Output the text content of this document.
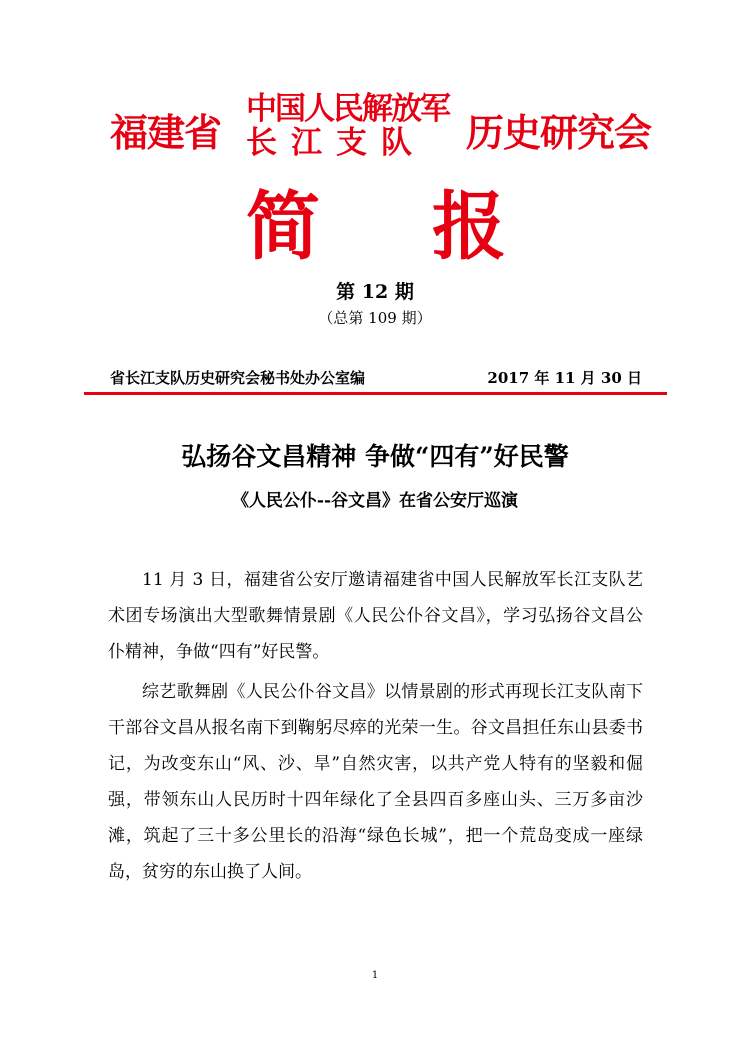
福建省
中国人民解放军
长江支队	历史研究会
简 报
第 12 期
（总第 109 期）
省长江支队历史研究会秘书处办公室编	2017 年 11 月 30 日
弘扬谷文昌精神 争做“四有”好民警
《人民公仆--谷文昌》在省公安厅巡演

11 月 3 日，福建省公安厅邀请福建省中国人民解放军长江支队艺术团专场演出大型歌舞情景剧《人民公仆谷文昌》，学习弘扬谷文昌公仆精神，争做“四有”好民警。

综艺歌舞剧《人民公仆谷文昌》以情景剧的形式再现长江支队南下干部谷文昌从报名南下到鞠躬尽瘁的光荣一生。谷文昌担任东山县委书记，为改变东山“风、沙、旱”自然灾害，以共产党人特有的坚毅和倔强，带领东山人民历时十四年绿化了全县四百多座山头、三万多亩沙滩，筑起了三十多公里长的沿海“绿色长城”，把一个荒岛变成一座绿岛，贫穷的东山换了人间。

1
